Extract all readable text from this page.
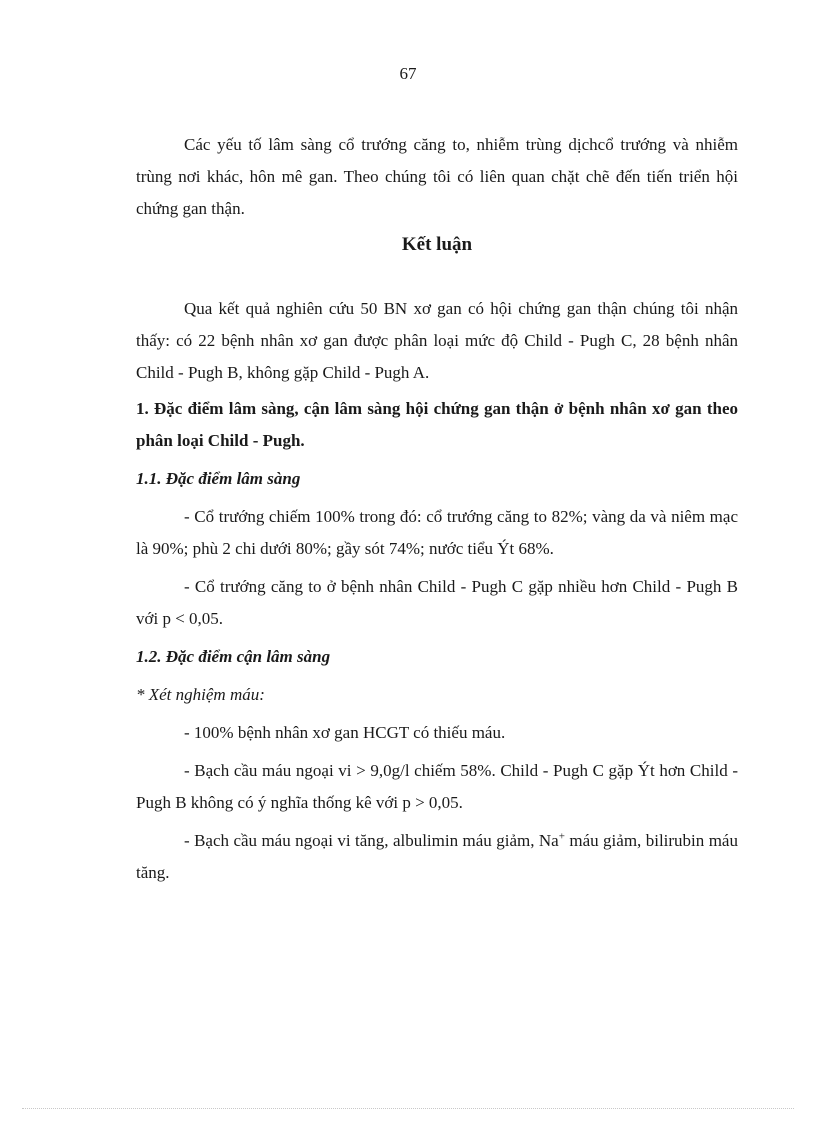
67

Các yếu tố lâm sàng cổ trướng căng to, nhiễm trùng dịchcổ trướng và nhiễm trùng nơi khác, hôn mê gan. Theo chúng tôi có liên quan chặt chẽ đến tiến triển hội chứng gan thận.

Kết luận

Qua kết quả nghiên cứu 50 BN xơ gan có hội chứng gan thận chúng tôi nhận thấy: có 22 bệnh nhân xơ gan được phân loại mức độ Child - Pugh C, 28 bệnh nhân Child - Pugh B, không gặp Child - Pugh A.

1. Đặc điểm lâm sàng, cận lâm sàng hội chứng gan thận ở bệnh nhân xơ gan theo phân loại Child - Pugh.

1.1. Đặc điểm lâm sàng

- Cổ trướng chiếm 100% trong đó: cổ trướng căng to 82%; vàng da và niêm mạc là 90%; phù 2 chi dưới 80%; gầy sót 74%; nước tiểu Ýt 68%.

- Cổ trướng căng to ở bệnh nhân Child - Pugh C gặp nhiều hơn Child - Pugh B với p < 0,05.

1.2. Đặc điểm cận lâm sàng

* Xét nghiệm máu:

- 100% bệnh nhân xơ gan HCGT có thiếu máu.

- Bạch cầu máu ngoại vi > 9,0g/l chiếm 58%. Child - Pugh C gặp Ýt hơn Child - Pugh B không có ý nghĩa thống kê với p > 0,05.

- Bạch cầu máu ngoại vi tăng, albulimin máu giảm, Na+ máu giảm, bilirubin máu tăng.
